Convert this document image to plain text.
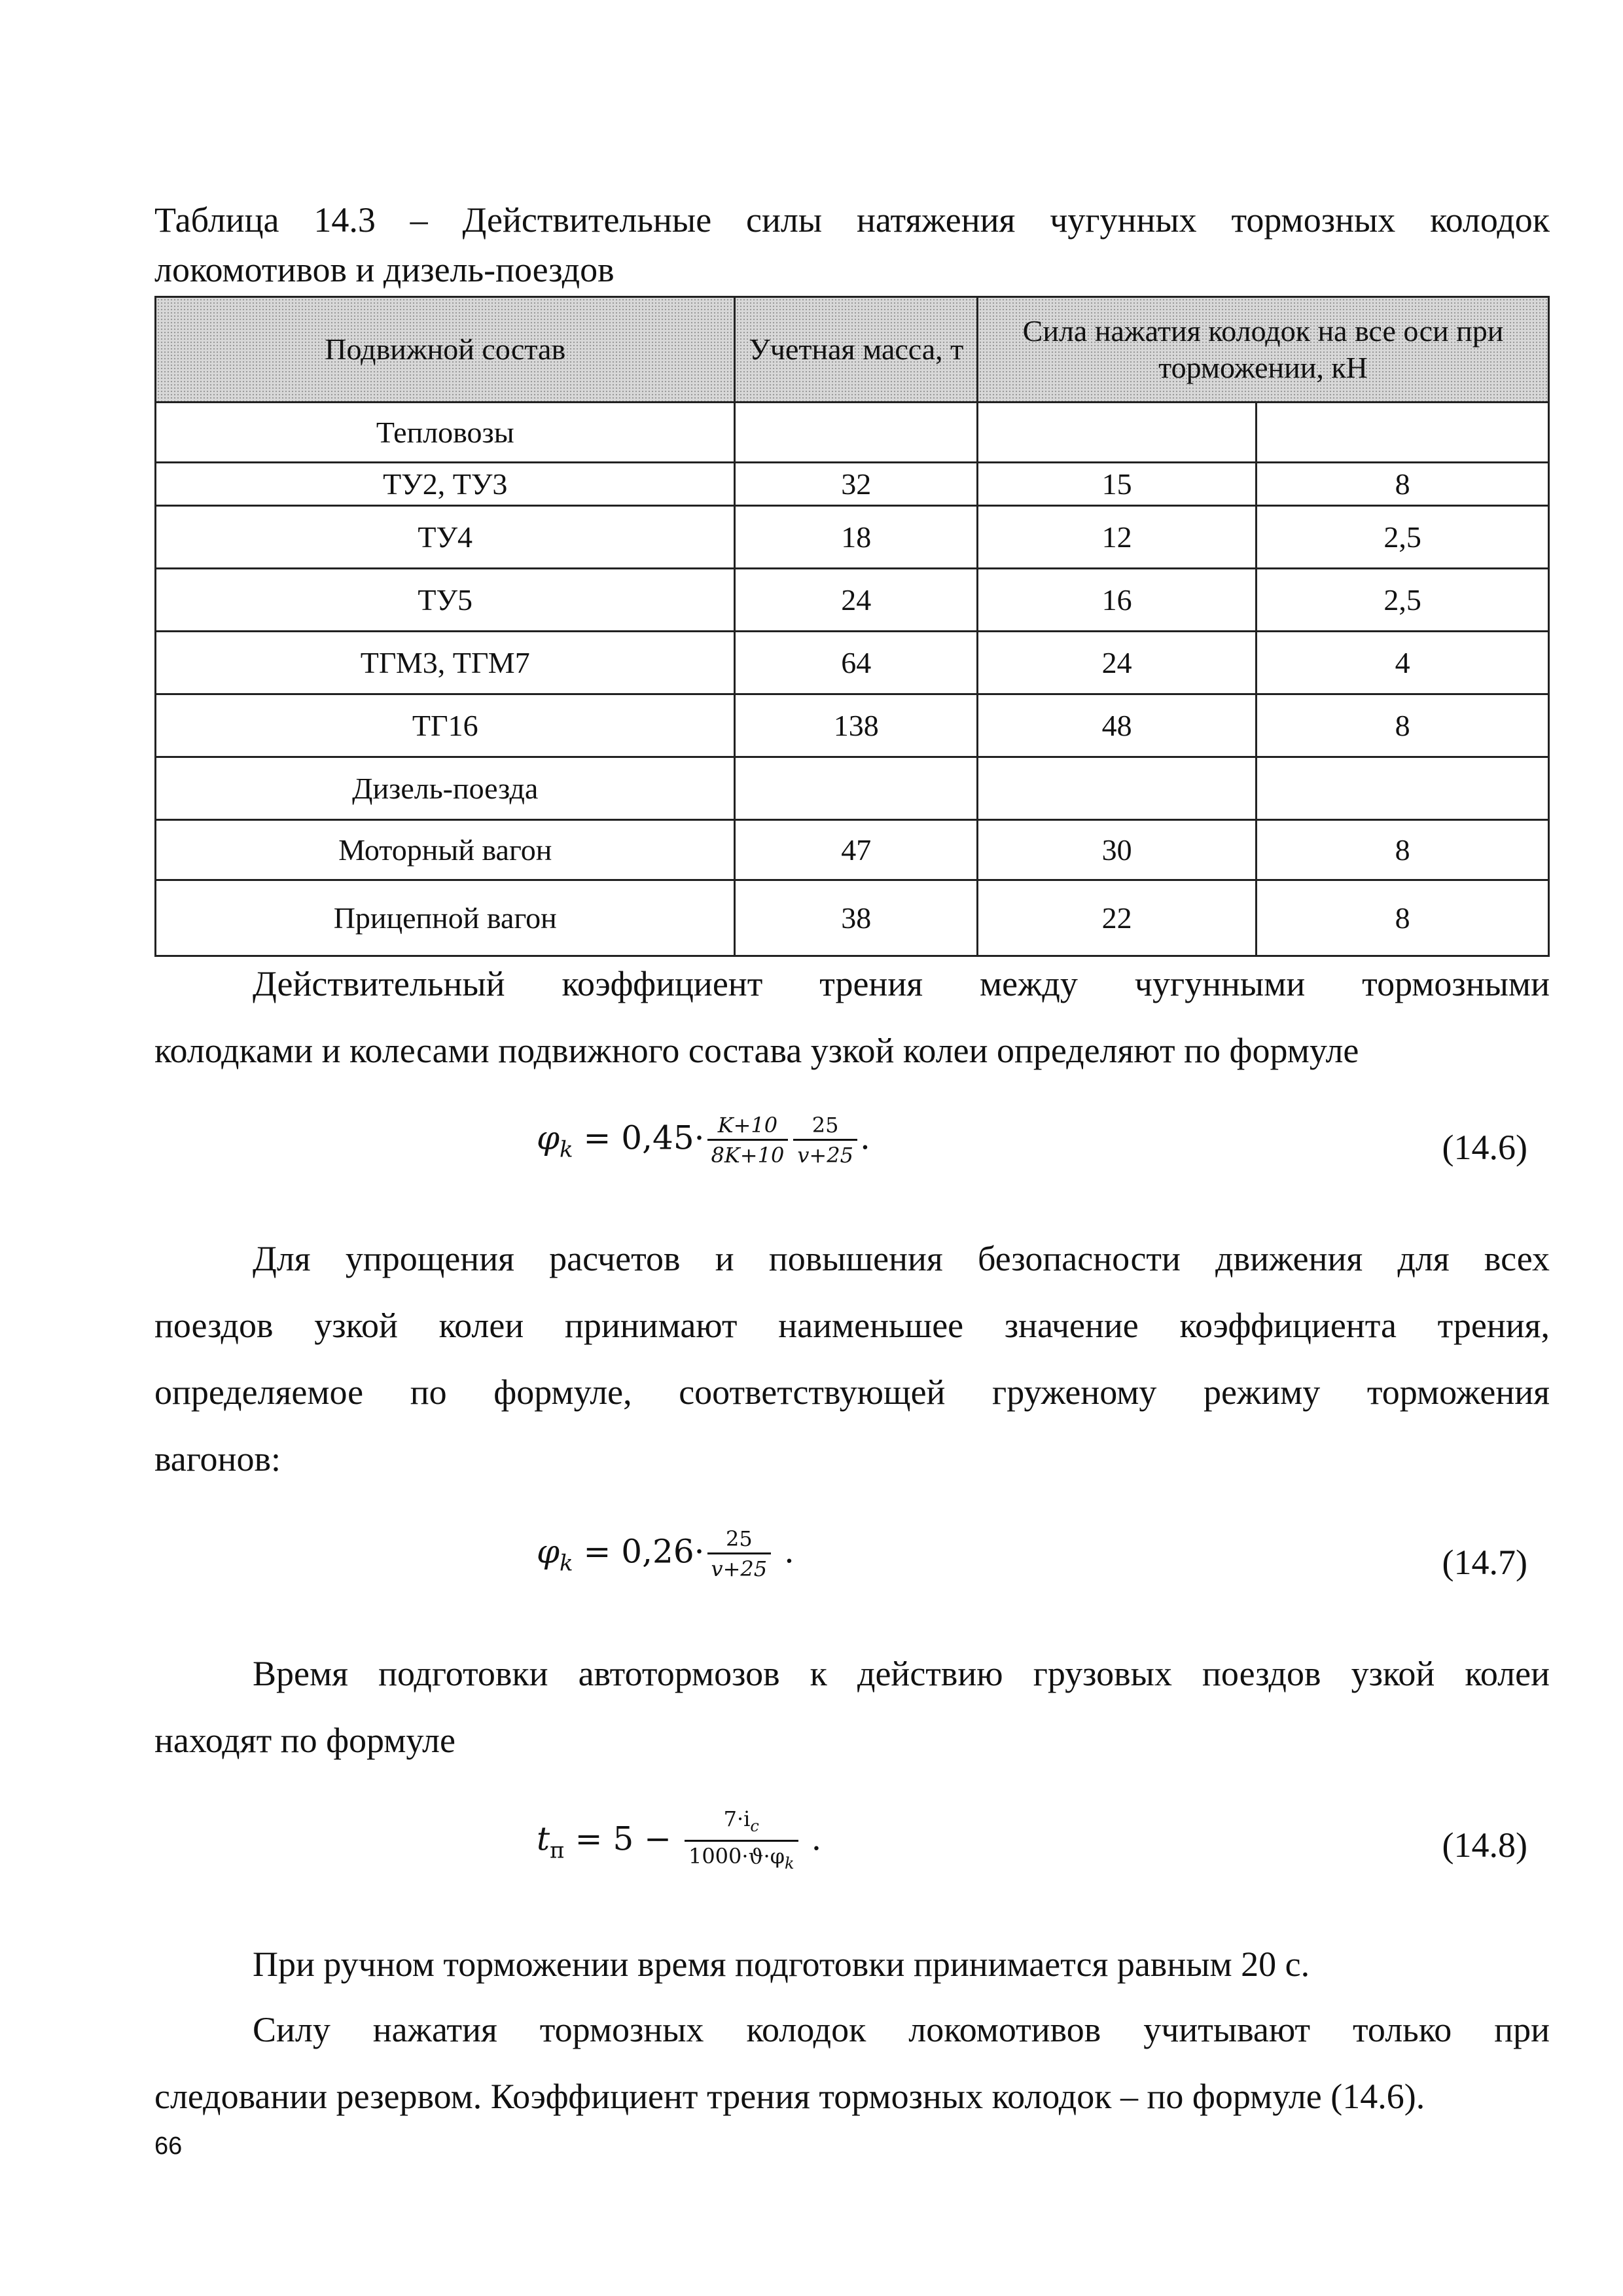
Таблица 14.3 – Действительные силы натяжения чугунных тормозных колодок
локомотивов и дизель-поездов
Подвижной состав	Учетная масса, т	Сила нажатия колодок на все оси при торможении, кН	
Тепловозы			
ТУ2, ТУ3	32	15	8
ТУ4	18	12	2,5
ТУ5	24	16	2,5
ТГМ3, ТГМ7	64	24	4
ТГ16	138	48	8
Дизель-поезда			
Моторный вагон	47	30	8
Прицепной вагон	38	22	8
Действительный коэффициент трения между чугунными тормозными
колодками и колесами подвижного состава узкой колеи определяют по формуле
$\varphi_k = 0,45\cdot \frac{K+10}{8K+10} \frac{25}{v+25}$ .	(14.6)
Для упрощения расчетов и повышения безопасности движения для всех
поездов узкой колеи принимают наименьшее значение коэффициента трения,
определяемое по формуле, соответствующей груженому режиму торможения
вагонов:
$\varphi_k = 0,26\cdot \frac{25}{v+25}$ .	(14.7)
Время подготовки автотормозов к действию грузовых поездов узкой колеи
находят по формуле
$t_п = 5 - \frac{7\cdot i_c}{1000\cdot ϑ\cdot\varphi_k}$ .	(14.8)
При ручном торможении время подготовки принимается равным 20 с.
Силу нажатия тормозных колодок локомотивов учитывают только при
следовании резервом. Коэффициент трения тормозных колодок – по формуле (14.6).
66
